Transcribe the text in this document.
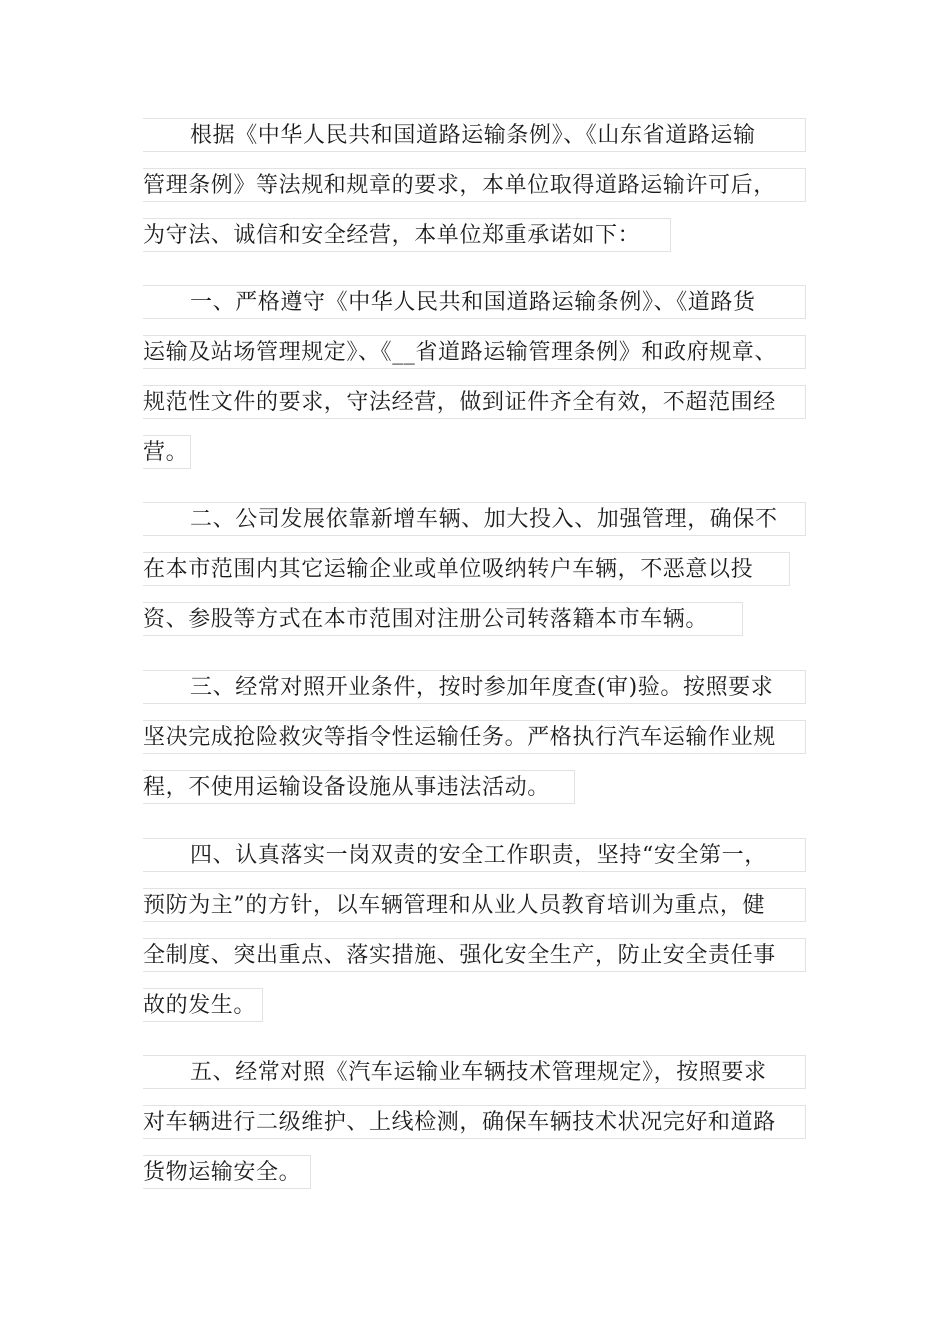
根据《中华人民共和国道路运输条例》、《山东省道路运输
管理条例》等法规和规章的要求，本单位取得道路运输许可后，
为守法、诚信和安全经营，本单位郑重承诺如下：
一、严格遵守《中华人民共和国道路运输条例》、《道路货
运输及站场管理规定》、《__省道路运输管理条例》和政府规章、
规范性文件的要求，守法经营，做到证件齐全有效，不超范围经
营。
二、公司发展依靠新增车辆、加大投入、加强管理，确保不
在本市范围内其它运输企业或单位吸纳转户车辆，不恶意以投
资、参股等方式在本市范围对注册公司转落籍本市车辆。
三、经常对照开业条件，按时参加年度查(审)验。按照要求
坚决完成抢险救灾等指令性运输任务。严格执行汽车运输作业规
程，不使用运输设备设施从事违法活动。
四、认真落实一岗双责的安全工作职责，坚持“安全第一，
预防为主”的方针，以车辆管理和从业人员教育培训为重点，健
全制度、突出重点、落实措施、强化安全生产，防止安全责任事
故的发生。
五、经常对照《汽车运输业车辆技术管理规定》，按照要求
对车辆进行二级维护、上线检测，确保车辆技术状况完好和道路
货物运输安全。
